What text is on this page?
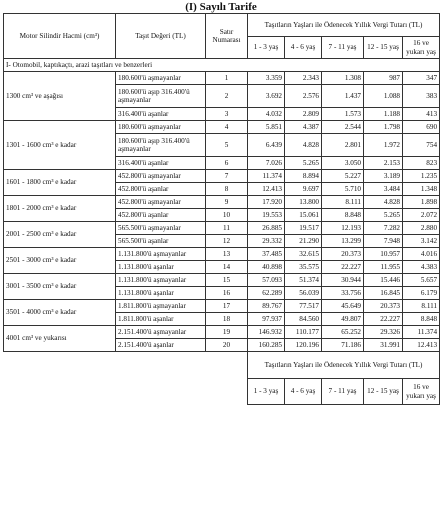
(I) Sayılı Tarife
Motor Silindir Hacmi (cm³)	Taşıt Değeri (TL)	Satır Numarası	Taşıtların Yaşları ile Ödenecek Yıllık Vergi Tutarı (TL)				
			1 - 3 yaş	4 - 6 yaş	7 - 11 yaş	12 - 15 yaş	16 ve yukarı yaş
I- Otomobil, kaptıkaçtı, arazi taşıtları ve benzerleri							
1300 cm³ ve aşağısı	180.600'ü aşmayanlar	1	3.359	2.343	1.308	987	347
	180.600'ü aşıp 316.400'ü aşmayanlar	2	3.692	2.576	1.437	1.088	383
	316.400'ü aşanlar	3	4.032	2.809	1.573	1.188	413
1301 - 1600 cm³ e kadar	180.600'ü aşmayanlar	4	5.851	4.387	2.544	1.798	690
	180.600'ü aşıp 316.400'ü aşmayanlar	5	6.439	4.828	2.801	1.972	754
	316.400'ü aşanlar	6	7.026	5.265	3.050	2.153	823
1601 - 1800 cm³ e kadar	452.800'ü aşmayanlar	7	11.374	8.894	5.227	3.189	1.235
	452.800'ü aşanlar	8	12.413	9.697	5.710	3.484	1.348
1801 - 2000 cm³ e kadar	452.800'ü aşmayanlar	9	17.920	13.800	8.111	4.828	1.898
	452.800'ü aşanlar	10	19.553	15.061	8.848	5.265	2.072
2001 - 2500 cm³ e kadar	565.500'ü aşmayanlar	11	26.885	19.517	12.193	7.282	2.880
	565.500'ü aşanlar	12	29.332	21.290	13.299	7.948	3.142
2501 - 3000 cm³ e kadar	1.131.800'ü aşmayanlar	13	37.485	32.615	20.373	10.957	4.016
	1.131.800'ü aşanlar	14	40.898	35.575	22.227	11.955	4.383
3001 - 3500 cm³ e kadar	1.131.800'ü aşmayanlar	15	57.093	51.374	30.944	15.446	5.657
	1.131.800'ü aşanlar	16	62.289	56.039	33.756	16.845	6.179
3501 - 4000 cm³ e kadar	1.811.800'ü aşmayanlar	17	89.767	77.517	45.649	20.373	8.111
	1.811.800'ü aşanlar	18	97.937	84.560	49.807	22.227	8.848
4001 cm³ ve yukarısı	2.151.400'ü aşmayanlar	19	146.932	110.177	65.252	29.326	11.374
	2.151.400'ü aşanlar	20	160.285	120.196	71.186	31.991	12.413
			Taşıtların Yaşları ile Ödenecek Yıllık Vergi Tutarı (TL)				
			1 - 3 yaş	4 - 6 yaş	7 - 11 yaş	12 - 15 yaş	16 ve yukarı yaş
